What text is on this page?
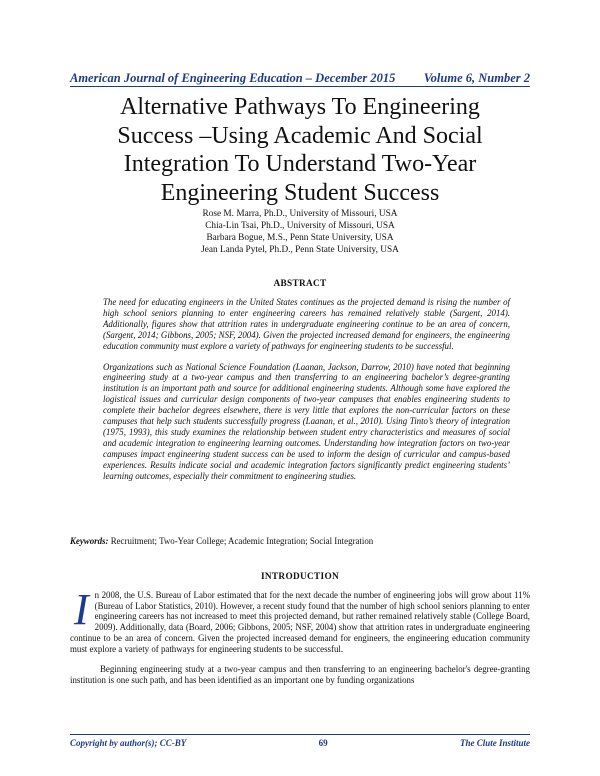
American Journal of Engineering Education – December 2015 Volume 6, Number 2
Alternative Pathways To Engineering Success –Using Academic And Social Integration To Understand Two-Year Engineering Student Success
Rose M. Marra, Ph.D., University of Missouri, USA
Chia-Lin Tsai, Ph.D., University of Missouri, USA
Barbara Bogue, M.S., Penn State University, USA
Jean Landa Pytel, Ph.D., Penn State University, USA
ABSTRACT

The need for educating engineers in the United States continues as the projected demand is rising the number of high school seniors planning to enter engineering careers has remained relatively stable (Sargent, 2014). Additionally, figures show that attrition rates in undergraduate engineering continue to be an area of concern, (Sargent, 2014; Gibbons, 2005; NSF, 2004). Given the projected increased demand for engineers, the engineering education community must explore a variety of pathways for engineering students to be successful.

Organizations such as National Science Foundation (Laanan, Jackson, Darrow, 2010) have noted that beginning engineering study at a two-year campus and then transferring to an engineering bachelor’s degree-granting institution is an important path and source for additional engineering students. Although some have explored the logistical issues and curricular design components of two-year campuses that enables engineering students to complete their bachelor degrees elsewhere, there is very little that explores the non-curricular factors on these campuses that help such students successfully progress (Laanan, et al., 2010). Using Tinto’s theory of integration (1975, 1993), this study examines the relationship between student entry characteristics and measures of social and academic integration to engineering learning outcomes. Understanding how integration factors on two-year campuses impact engineering student success can be used to inform the design of curricular and campus-based experiences. Results indicate social and academic integration factors significantly predict engineering students’ learning outcomes, especially their commitment to engineering studies.

Keywords: Recruitment; Two-Year College; Academic Integration; Social Integration
INTRODUCTION

In 2008, the U.S. Bureau of Labor estimated that for the next decade the number of engineering jobs will grow about 11% (Bureau of Labor Statistics, 2010). However, a recent study found that the number of high school seniors planning to enter engineering careers has not increased to meet this projected demand, but rather remained relatively stable (College Board, 2009). Additionally, data (Board, 2006; Gibbons, 2005; NSF, 2004) show that attrition rates in undergraduate engineering continue to be an area of concern. Given the projected increased demand for engineers, the engineering education community must explore a variety of pathways for engineering students to be successful.

Beginning engineering study at a two-year campus and then transferring to an engineering bachelor's degree-granting institution is one such path, and has been identified as an important one by funding organizations

Copyright by author(s); CC-BY	69	The Clute Institute
